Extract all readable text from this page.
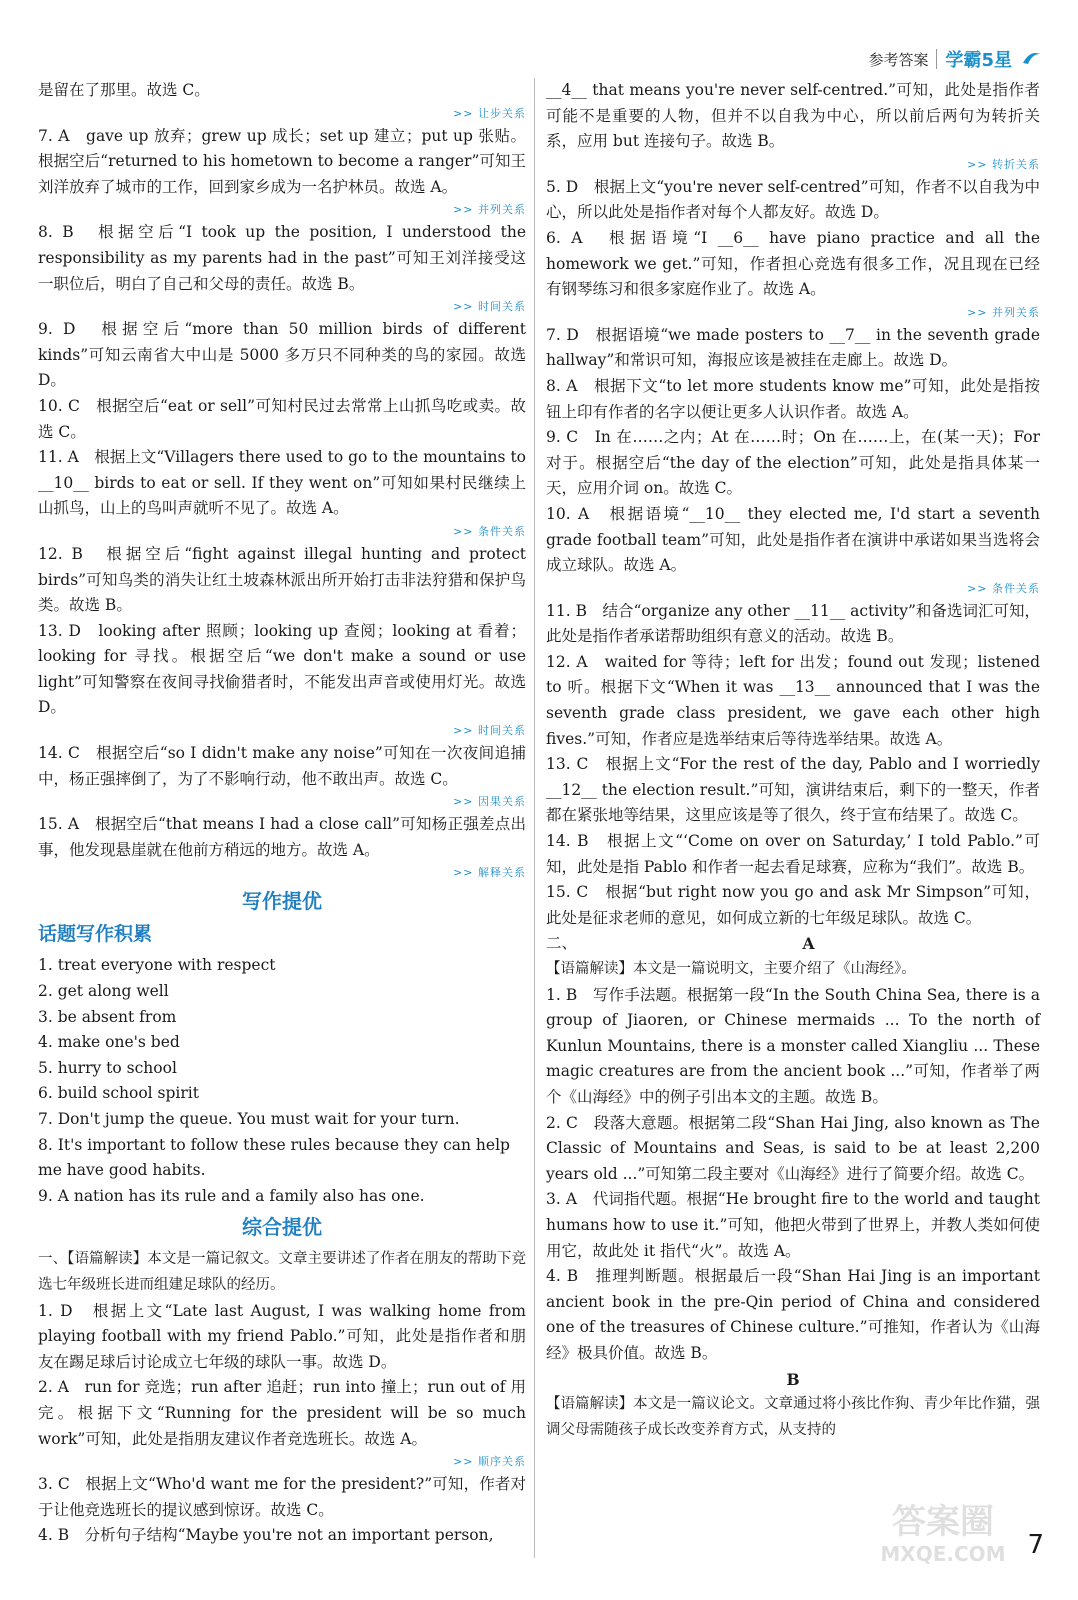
参考答案 学霸5星
是留在了那里。故选 C。
>> 让步关系
7. A　gave up 放弃；grew up 成长；set up 建立；put up 张贴。根据空后“returned to his hometown to become a ranger”可知王刘洋放弃了城市的工作，回到家乡成为一名护林员。故选 A。
>> 并列关系
8. B　根据空后“I took up the position, I understood the responsibility as my parents had in the past”可知王刘洋接受这一职位后，明白了自己和父母的责任。故选 B。
>> 时间关系
9. D　根据空后“more than 50 million birds of different kinds”可知云南省大中山是 5000 多万只不同种类的鸟的家园。故选 D。
10. C　根据空后“eat or sell”可知村民过去常常上山抓鸟吃或卖。故选 C。
11. A　根据上文“Villagers there used to go to the mountains to __10__ birds to eat or sell. If they went on”可知如果村民继续上山抓鸟，山上的鸟叫声就听不见了。故选 A。
>> 条件关系
12. B　根据空后“fight against illegal hunting and protect birds”可知鸟类的消失让红土坡森林派出所开始打击非法狩猎和保护鸟类。故选 B。
13. D　looking after 照顾；looking up 查阅；looking at 看着；looking for 寻找。根据空后“we don't make a sound or use light”可知警察在夜间寻找偷猎者时，不能发出声音或使用灯光。故选 D。
>> 时间关系
14. C　根据空后“so I didn't make any noise”可知在一次夜间追捕中，杨正强摔倒了，为了不影响行动，他不敢出声。故选 C。
>> 因果关系
15. A　根据空后“that means I had a close call”可知杨正强差点出事，他发现悬崖就在他前方稍远的地方。故选 A。
>> 解释关系
写作提优
话题写作积累
1. treat everyone with respect
2. get along well
3. be absent from
4. make one's bed
5. hurry to school
6. build school spirit
7. Don't jump the queue. You must wait for your turn.
8. It's important to follow these rules because they can help me have good habits.
9. A nation has its rule and a family also has one.
综合提优
一、【语篇解读】本文是一篇记叙文。文章主要讲述了作者在朋友的帮助下竞选七年级班长进而组建足球队的经历。
1. D　根据上文“Late last August, I was walking home from playing football with my friend Pablo.”可知，此处是指作者和朋友在踢足球后讨论成立七年级的球队一事。故选 D。
2. A　run for 竞选；run after 追赶；run into 撞上；run out of 用完。根据下文“Running for the president will be so much work”可知，此处是指朋友建议作者竞选班长。故选 A。
>> 顺序关系
3. C　根据上文“Who'd want me for the president?”可知，作者对于让他竞选班长的提议感到惊讶。故选 C。
4. B　分析句子结构“Maybe you're not an important person,
__4__ that means you're never self-centred.”可知，此处是指作者可能不是重要的人物，但并不以自我为中心，所以前后两句为转折关系，应用 but 连接句子。故选 B。
>> 转折关系
5. D　根据上文“you're never self-centred”可知，作者不以自我为中心，所以此处是指作者对每个人都友好。故选 D。
6. A　根据语境“I __6__ have piano practice and all the homework we get.”可知，作者担心竞选有很多工作，况且现在已经有钢琴练习和很多家庭作业了。故选 A。
>> 并列关系
7. D　根据语境“we made posters to __7__ in the seventh grade hallway”和常识可知，海报应该是被挂在走廊上。故选 D。
8. A　根据下文“to let more students know me”可知，此处是指按钮上印有作者的名字以便让更多人认识作者。故选 A。
9. C　In 在……之内；At 在……时；On 在……上，在(某一天)；For 对于。根据空后“the day of the election”可知，此处是指具体某一天，应用介词 on。故选 C。
10. A　根据语境“__10__ they elected me, I'd start a seventh grade football team”可知，此处是指作者在演讲中承诺如果当选将会成立球队。故选 A。
>> 条件关系
11. B　结合“organize any other __11__ activity”和备选词汇可知，此处是指作者承诺帮助组织有意义的活动。故选 B。
12. A　waited for 等待；left for 出发；found out 发现；listened to 听。根据下文“When it was __13__ announced that I was the seventh grade class president, we gave each other high fives.”可知，作者应是选举结束后等待选举结果。故选 A。
13. C　根据上文“For the rest of the day, Pablo and I worriedly __12__ the election result.”可知，演讲结束后，剩下的一整天，作者都在紧张地等结果，这里应该是等了很久，终于宣布结果了。故选 C。
14. B　根据上文“‘Come on over on Saturday,’ I told Pablo.”可知，此处是指 Pablo 和作者一起去看足球赛，应称为“我们”。故选 B。
15. C　根据“but right now you go and ask Mr Simpson”可知，此处是征求老师的意见，如何成立新的七年级足球队。故选 C。
二、	A
【语篇解读】本文是一篇说明文，主要介绍了《山海经》。
1. B　写作手法题。根据第一段“In the South China Sea, there is a group of Jiaoren, or Chinese mermaids ... To the north of Kunlun Mountains, there is a monster called Xiangliu ... These magic creatures are from the ancient book ...”可知，作者举了两个《山海经》中的例子引出本文的主题。故选 B。
2. C　段落大意题。根据第二段“Shan Hai Jing, also known as The Classic of Mountains and Seas, is said to be at least 2,200 years old ...”可知第二段主要对《山海经》进行了简要介绍。故选 C。
3. A　代词指代题。根据“He brought fire to the world and taught humans how to use it.”可知，他把火带到了世界上，并教人类如何使用它，故此处 it 指代“火”。故选 A。
4. B　推理判断题。根据最后一段“Shan Hai Jing is an important ancient book in the pre-Qin period of China and considered one of the treasures of Chinese culture.”可推知，作者认为《山海经》极具价值。故选 B。
B
【语篇解读】本文是一篇议论文。文章通过将小孩比作狗、青少年比作猫，强调父母需随孩子成长改变养育方式，从支持的
答案圈
MXQE.COM 7
